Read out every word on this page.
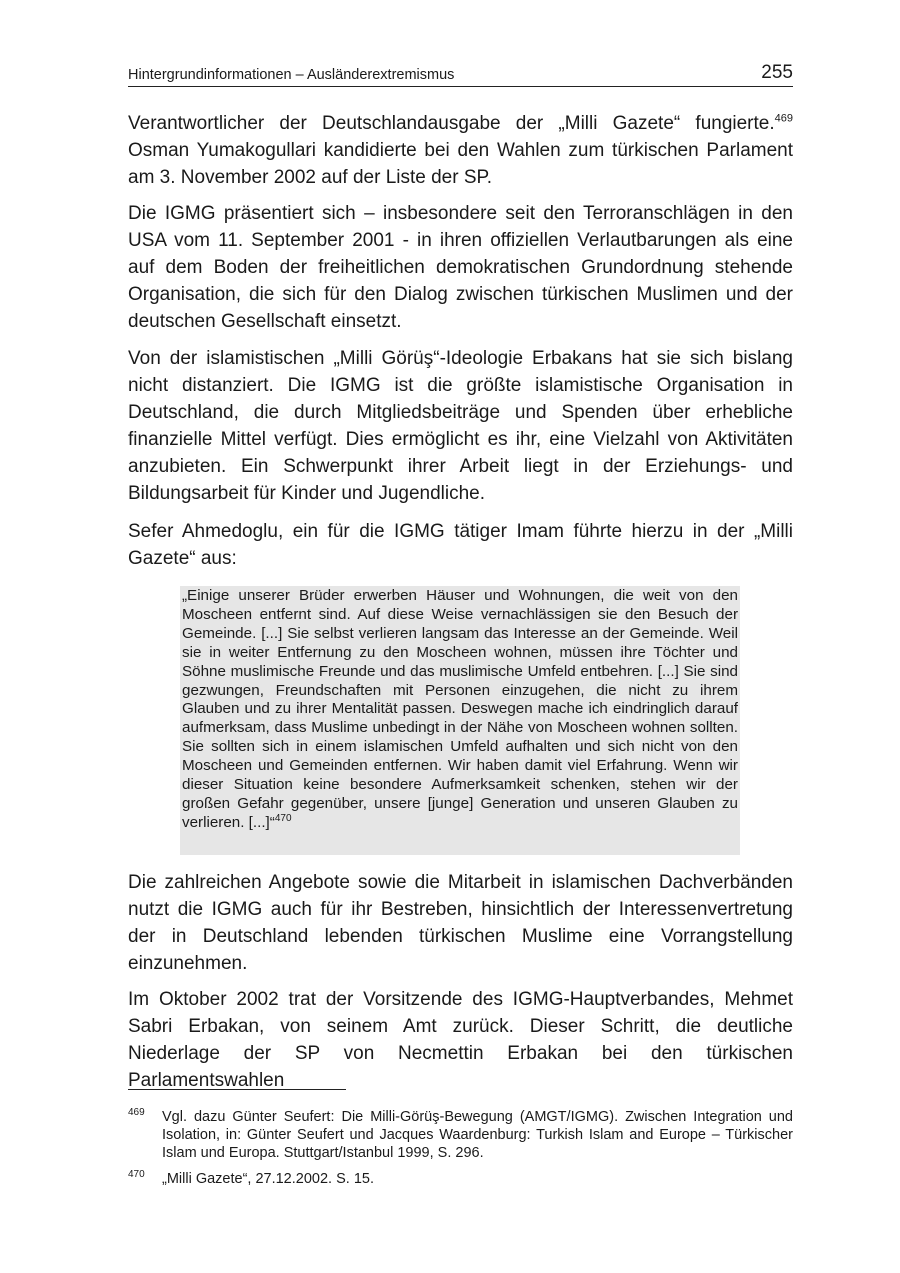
Hintergrundinformationen – Ausländerextremismus	255

Verantwortlicher der Deutschlandausgabe der „Milli Gazete“ fungierte.$^{469}$ Osman Yumakogullari kandidierte bei den Wahlen zum türkischen Parlament am 3. November 2002 auf der Liste der SP.

Die IGMG präsentiert sich – insbesondere seit den Terroranschlägen in den USA vom 11. September 2001 - in ihren offiziellen Verlautbarungen als eine auf dem Boden der freiheitlichen demokratischen Grundordnung stehende Organisation, die sich für den Dialog zwischen türkischen Muslimen und der deutschen Gesellschaft einsetzt.

Von der islamistischen „Milli Görüş“-Ideologie Erbakans hat sie sich bislang nicht distanziert. Die IGMG ist die größte islamistische Organisation in Deutschland, die durch Mitgliedsbeiträge und Spenden über erhebliche finanzielle Mittel verfügt. Dies ermöglicht es ihr, eine Vielzahl von Aktivitäten anzubieten. Ein Schwerpunkt ihrer Arbeit liegt in der Erziehungs- und Bildungsarbeit für Kinder und Jugendliche.

Sefer Ahmedoglu, ein für die IGMG tätiger Imam führte hierzu in der „Milli Gazete“ aus:

„Einige unserer Brüder erwerben Häuser und Wohnungen, die weit von den Moscheen entfernt sind. Auf diese Weise vernachlässigen sie den Besuch der Gemeinde. [...] Sie selbst verlieren langsam das Interesse an der Gemeinde. Weil sie in weiter Entfernung zu den Moscheen wohnen, müssen ihre Töchter und Söhne muslimische Freunde und das muslimische Umfeld entbehren. [...] Sie sind gezwungen, Freundschaften mit Personen einzugehen, die nicht zu ihrem Glauben und zu ihrer Mentalität passen. Deswegen mache ich eindringlich darauf aufmerksam, dass Muslime unbedingt in der Nähe von Moscheen wohnen sollten. Sie sollten sich in einem islamischen Umfeld aufhalten und sich nicht von den Moscheen und Gemeinden entfernen. Wir haben damit viel Erfahrung. Wenn wir dieser Situation keine besondere Aufmerksamkeit schenken, stehen wir der großen Gefahr gegenüber, unsere [junge] Generation und unseren Glauben zu verlieren. [...]“$^{470}$

Die zahlreichen Angebote sowie die Mitarbeit in islamischen Dachverbänden nutzt die IGMG auch für ihr Bestreben, hinsichtlich der Interessenvertretung der in Deutschland lebenden türkischen Muslime eine Vorrangstellung einzunehmen.

Im Oktober 2002 trat der Vorsitzende des IGMG-Hauptverbandes, Mehmet Sabri Erbakan, von seinem Amt zurück. Dieser Schritt, die deutliche Niederlage der SP von Necmettin Erbakan bei den türkischen Parlamentswahlen

469 Vgl. dazu Günter Seufert: Die Milli-Görüş-Bewegung (AMGT/IGMG). Zwischen Integration und Isolation, in: Günter Seufert und Jacques Waardenburg: Turkish Islam and Europe – Türkischer Islam und Europa. Stuttgart/Istanbul 1999, S. 296.
470 „Milli Gazete“, 27.12.2002. S. 15.
